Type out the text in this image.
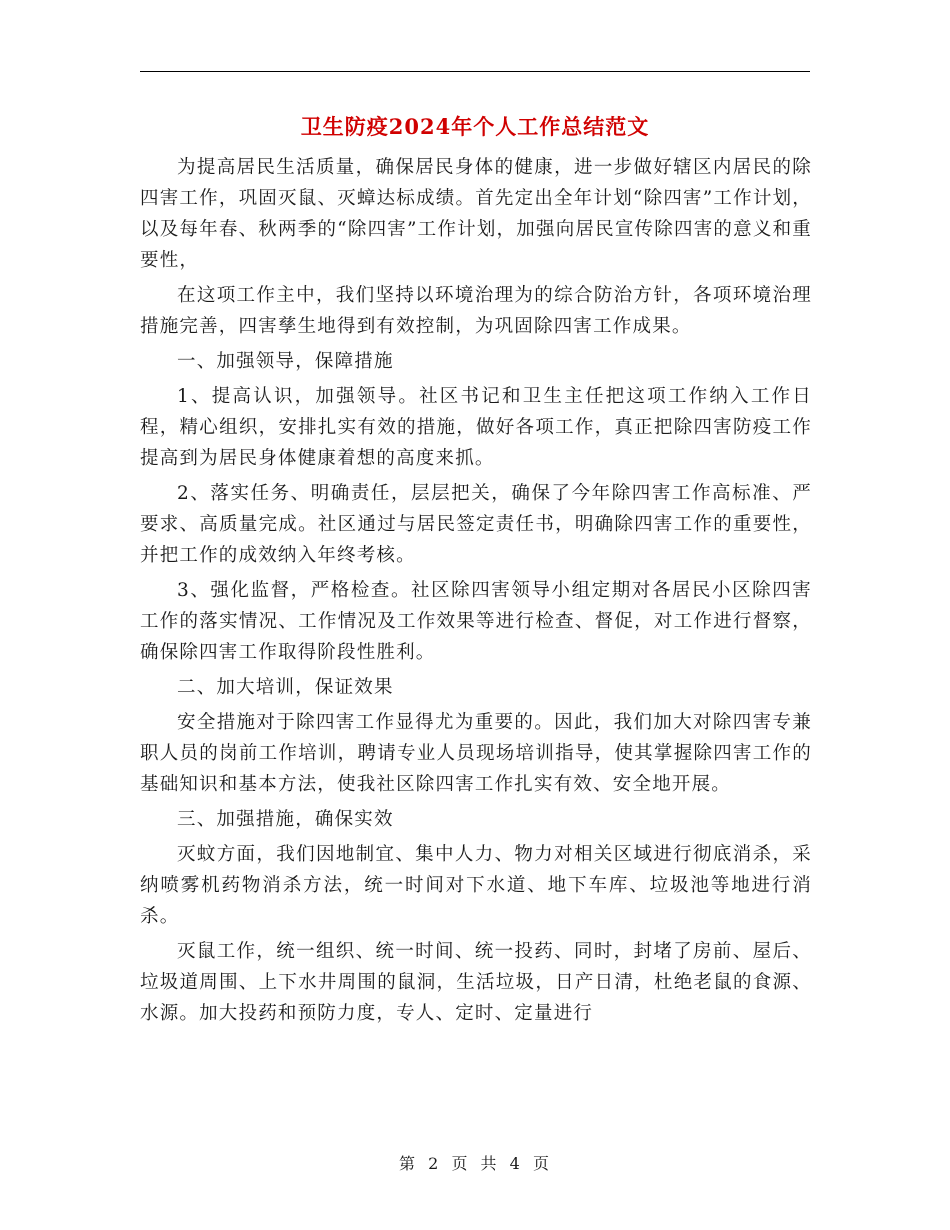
卫生防疫2024年个人工作总结范文

为提高居民生活质量，确保居民身体的健康，进一步做好辖区内居民的除四害工作，巩固灭鼠、灭蟑达标成绩。首先定出全年计划“除四害”工作计划，以及每年春、秋两季的“除四害”工作计划，加强向居民宣传除四害的意义和重要性，

在这项工作主中，我们坚持以环境治理为的综合防治方针，各项环境治理措施完善，四害孳生地得到有效控制，为巩固除四害工作成果。

一、加强领导，保障措施

1、提高认识，加强领导。社区书记和卫生主任把这项工作纳入工作日程，精心组织，安排扎实有效的措施，做好各项工作，真正把除四害防疫工作提高到为居民身体健康着想的高度来抓。

2、落实任务、明确责任，层层把关，确保了今年除四害工作高标准、严要求、高质量完成。社区通过与居民签定责任书，明确除四害工作的重要性，并把工作的成效纳入年终考核。

3、强化监督，严格检查。社区除四害领导小组定期对各居民小区除四害工作的落实情况、工作情况及工作效果等进行检查、督促，对工作进行督察，确保除四害工作取得阶段性胜利。

二、加大培训，保证效果

安全措施对于除四害工作显得尤为重要的。因此，我们加大对除四害专兼职人员的岗前工作培训，聘请专业人员现场培训指导，使其掌握除四害工作的基础知识和基本方法，使我社区除四害工作扎实有效、安全地开展。

三、加强措施，确保实效

灭蚊方面，我们因地制宜、集中人力、物力对相关区域进行彻底消杀，采纳喷雾机药物消杀方法，统一时间对下水道、地下车库、垃圾池等地进行消杀。

灭鼠工作，统一组织、统一时间、统一投药、同时，封堵了房前、屋后、垃圾道周围、上下水井周围的鼠洞，生活垃圾，日产日清，杜绝老鼠的食源、水源。加大投药和预防力度，专人、定时、定量进行

第 2 页 共 4 页
